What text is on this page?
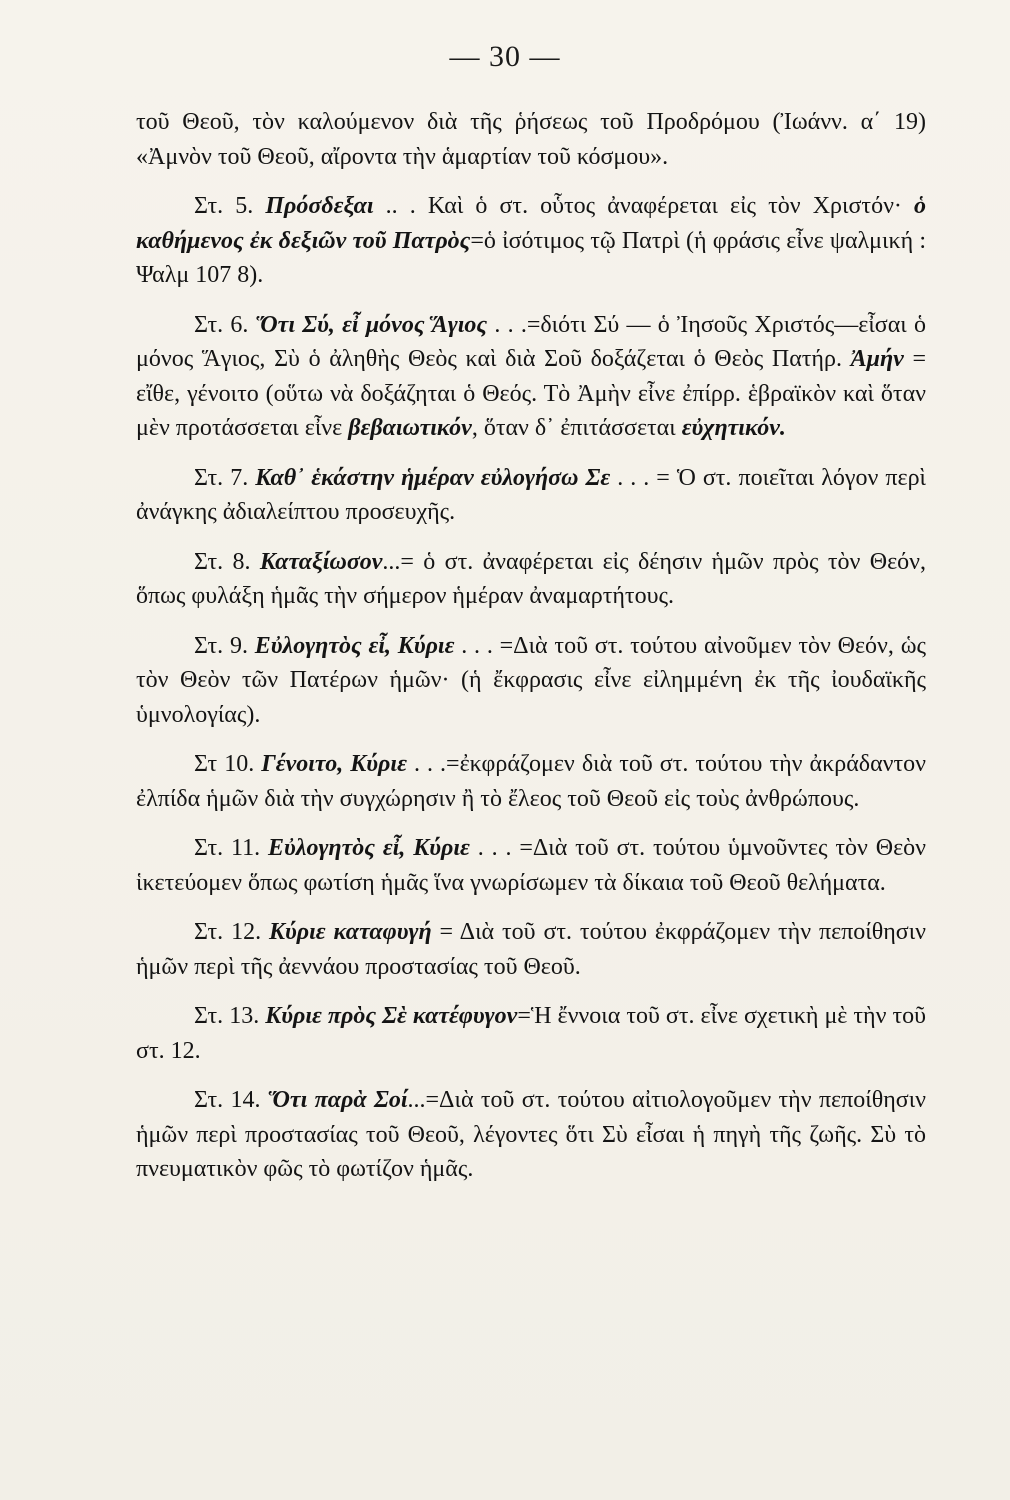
— 30 —

τοῦ Θεοῦ, τὸν καλούμενον διὰ τῆς ῥήσεως τοῦ Προδρόμου (Ἰωάνν. α΄ 19) «Ἀμνὸν τοῦ Θεοῦ, αἴροντα τὴν ἁμαρτίαν τοῦ κόσμου».

Στ. 5. Πρόσδεξαι .. . Καὶ ὁ στ. οὗτος ἀναφέρεται εἰς τὸν Χριστόν· ὁ καθήμενος ἐκ δεξιῶν τοῦ Πατρὸς=ὁ ἰσότιμος τῷ Πατρὶ (ἡ φράσις εἶνε ψαλμική : Ψαλμ 107 8).

Στ. 6. Ὅτι Σύ, εἶ μόνος Ἅγιος . . .=διότι Σύ — ὁ Ἰησοῦς Χριστός—εἶσαι ὁ μόνος Ἅγιος, Σὺ ὁ ἀληθὴς Θεὸς καὶ διὰ Σοῦ δοξάζεται ὁ Θεὸς Πατήρ. Ἀμήν = εἴθε, γένοιτο (οὕτω νὰ δοξάζηται ὁ Θεός. Τὸ Ἀμὴν εἶνε ἐπίρρ. ἑβραϊκὸν καὶ ὅταν μὲν προτάσσεται εἶνε βεβαιωτικόν, ὅταν δ᾿ ἐπιτάσσεται εὐχητικόν.

Στ. 7. Καθ᾿ ἑκάστην ἡμέραν εὐλογήσω Σε . . . = Ὁ στ. ποιεῖται λόγον περὶ ἀνάγκης ἀδιαλείπτου προσευχῆς.

Στ. 8. Καταξίωσον...= ὁ στ. ἀναφέρεται εἰς δέησιν ἡμῶν πρὸς τὸν Θεόν, ὅπως φυλάξη ἡμᾶς τὴν σήμερον ἡμέραν ἀναμαρτήτους.

Στ. 9. Εὐλογητὸς εἶ, Κύριε . . . =Διὰ τοῦ στ. τούτου αἰνοῦμεν τὸν Θεόν, ὡς τὸν Θεὸν τῶν Πατέρων ἡμῶν· (ἡ ἔκφρασις εἶνε εἰλημμένη ἐκ τῆς ἰουδαϊκῆς ὑμνολογίας).

Στ 10. Γένοιτο, Κύριε . . .=ἐκφράζομεν διὰ τοῦ στ. τούτου τὴν ἀκράδαντον ἐλπίδα ἡμῶν διὰ τὴν συγχώρησιν ἢ τὸ ἔλεος τοῦ Θεοῦ εἰς τοὺς ἀνθρώπους.

Στ. 11. Εὐλογητὸς εἶ, Κύριε . . . =Διὰ τοῦ στ. τούτου ὑμνοῦντες τὸν Θεὸν ἱκετεύομεν ὅπως φωτίση ἡμᾶς ἵνα γνωρίσωμεν τὰ δίκαια τοῦ Θεοῦ θελήματα.

Στ. 12. Κύριε καταφυγή = Διὰ τοῦ στ. τούτου ἐκφράζομεν τὴν πεποίθησιν ἡμῶν περὶ τῆς ἀεννάου προστασίας τοῦ Θεοῦ.

Στ. 13. Κύριε πρὸς Σὲ κατέφυγον=Ἡ ἔννοια τοῦ στ. εἶνε σχετικὴ μὲ τὴν τοῦ στ. 12.

Στ. 14. Ὅτι παρὰ Σοί...=Διὰ τοῦ στ. τούτου αἰτιολογοῦμεν τὴν πεποίθησιν ἡμῶν περὶ προστασίας τοῦ Θεοῦ, λέγοντες ὅτι Σὺ εἶσαι ἡ πηγὴ τῆς ζωῆς. Σὺ τὸ πνευματικὸν φῶς τὸ φωτίζον ἡμᾶς.
